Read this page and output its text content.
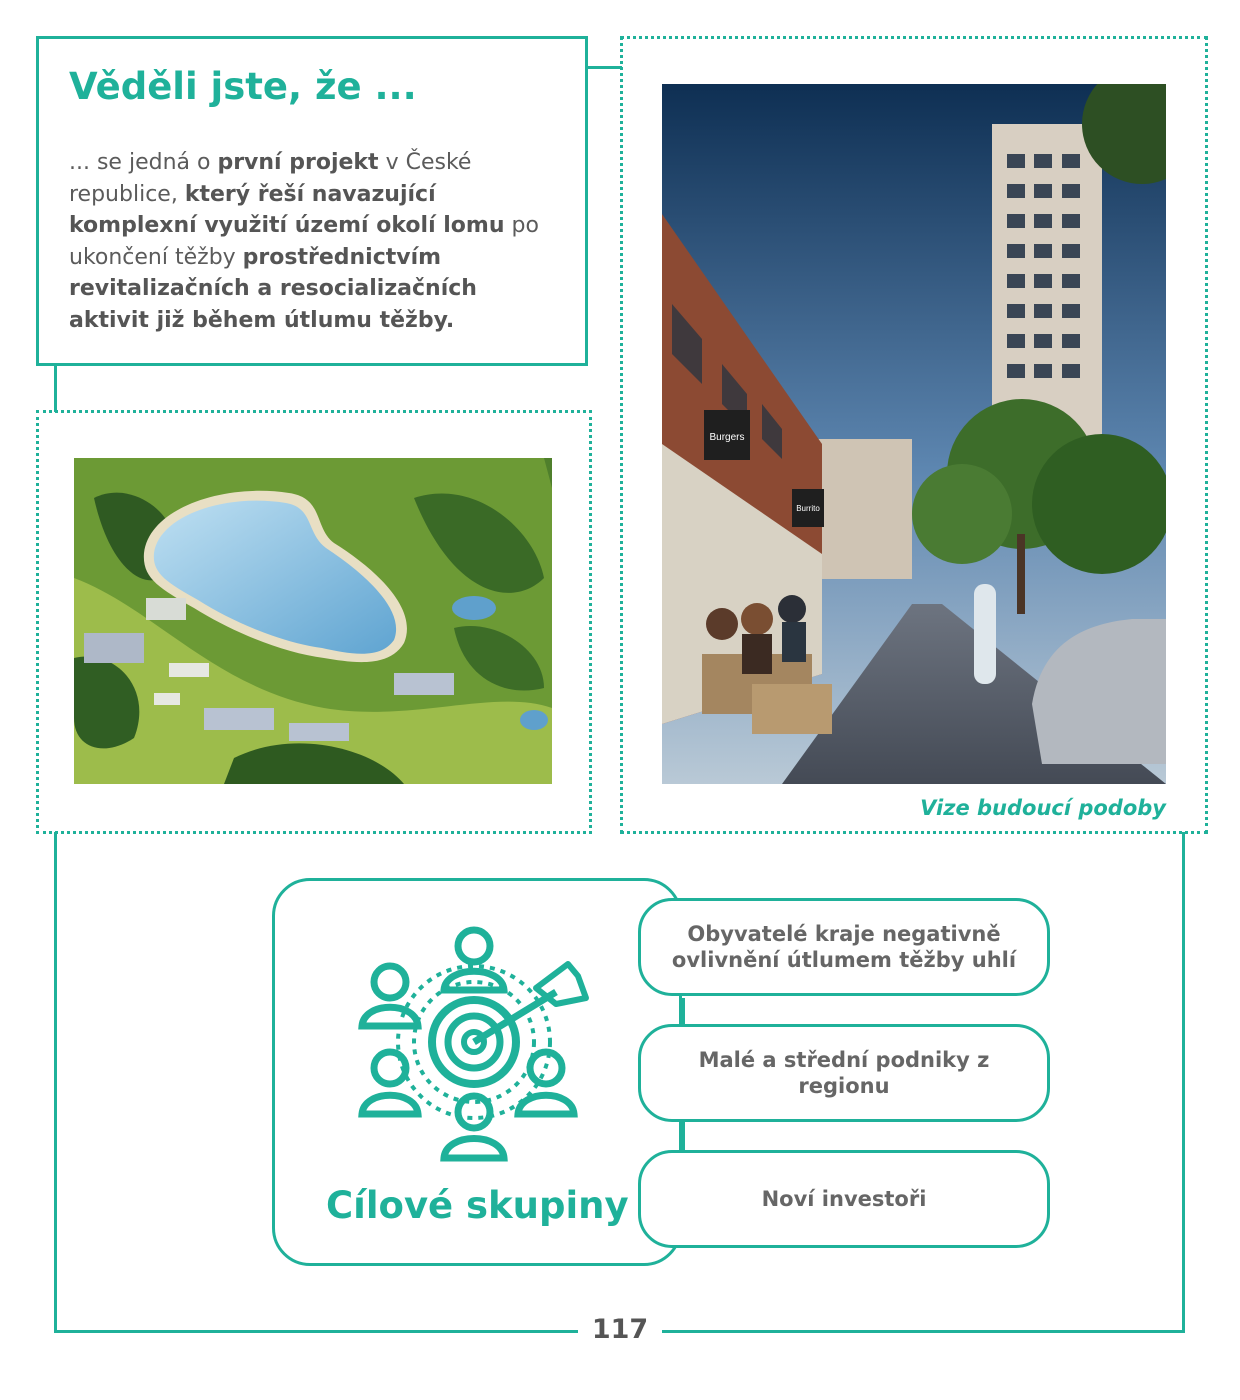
Věděli jste, že ...

... se jedná o první projekt v České republice, který řeší navazující komplexní využití území okolí lomu po ukončení těžby prostřednictvím revitalizačních a resocializačních aktivit již během útlumu těžby.

Burgers
Burrito
Vize budoucí podoby
Cílové skupiny
Obyvatelé kraje negativně ovlivnění útlumem těžby uhlí
Malé a střední podniky z regionu
Noví investoři
117
